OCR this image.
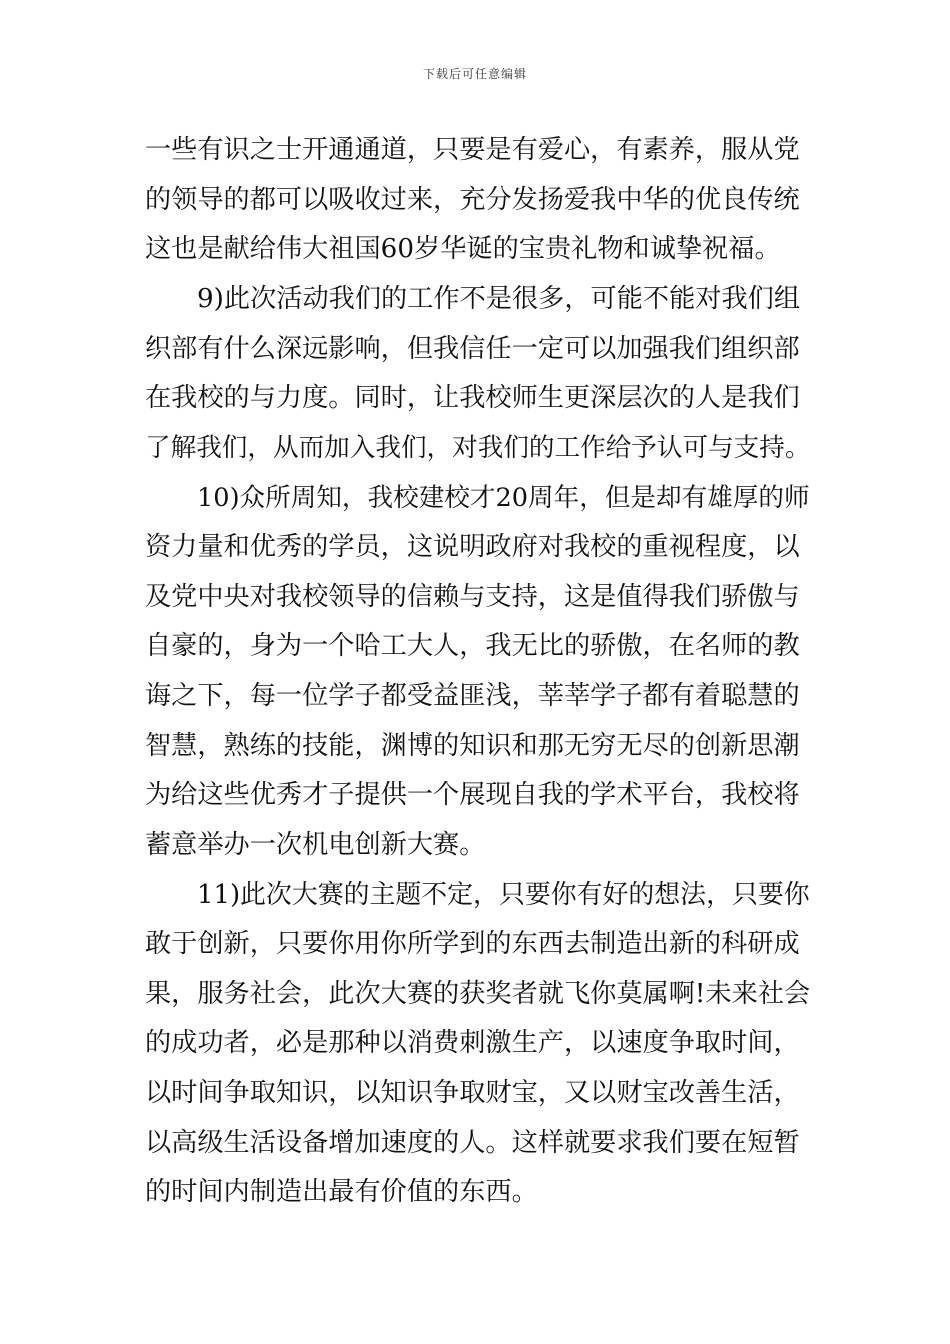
下载后可任意编辑
一些有识之士开通通道，只要是有爱心，有素养，服从党
的领导的都可以吸收过来，充分发扬爱我中华的优良传统
这也是献给伟大祖国60岁华诞的宝贵礼物和诚挚祝福。
9)此次活动我们的工作不是很多，可能不能对我们组
织部有什么深远影响，但我信任一定可以加强我们组织部
在我校的与力度。同时，让我校师生更深层次的人是我们
了解我们，从而加入我们，对我们的工作给予认可与支持。
10)众所周知，我校建校才20周年，但是却有雄厚的师
资力量和优秀的学员，这说明政府对我校的重视程度，以
及党中央对我校领导的信赖与支持，这是值得我们骄傲与
自豪的，身为一个哈工大人，我无比的骄傲，在名师的教
诲之下，每一位学子都受益匪浅，莘莘学子都有着聪慧的
智慧，熟练的技能，渊博的知识和那无穷无尽的创新思潮
为给这些优秀才子提供一个展现自我的学术平台，我校将
蓄意举办一次机电创新大赛。
11)此次大赛的主题不定，只要你有好的想法，只要你
敢于创新，只要你用你所学到的东西去制造出新的科研成
果，服务社会，此次大赛的获奖者就飞你莫属啊!未来社会
的成功者，必是那种以消费刺激生产，以速度争取时间，
以时间争取知识，以知识争取财宝，又以财宝改善生活，
以高级生活设备增加速度的人。这样就要求我们要在短暂
的时间内制造出最有价值的东西。
